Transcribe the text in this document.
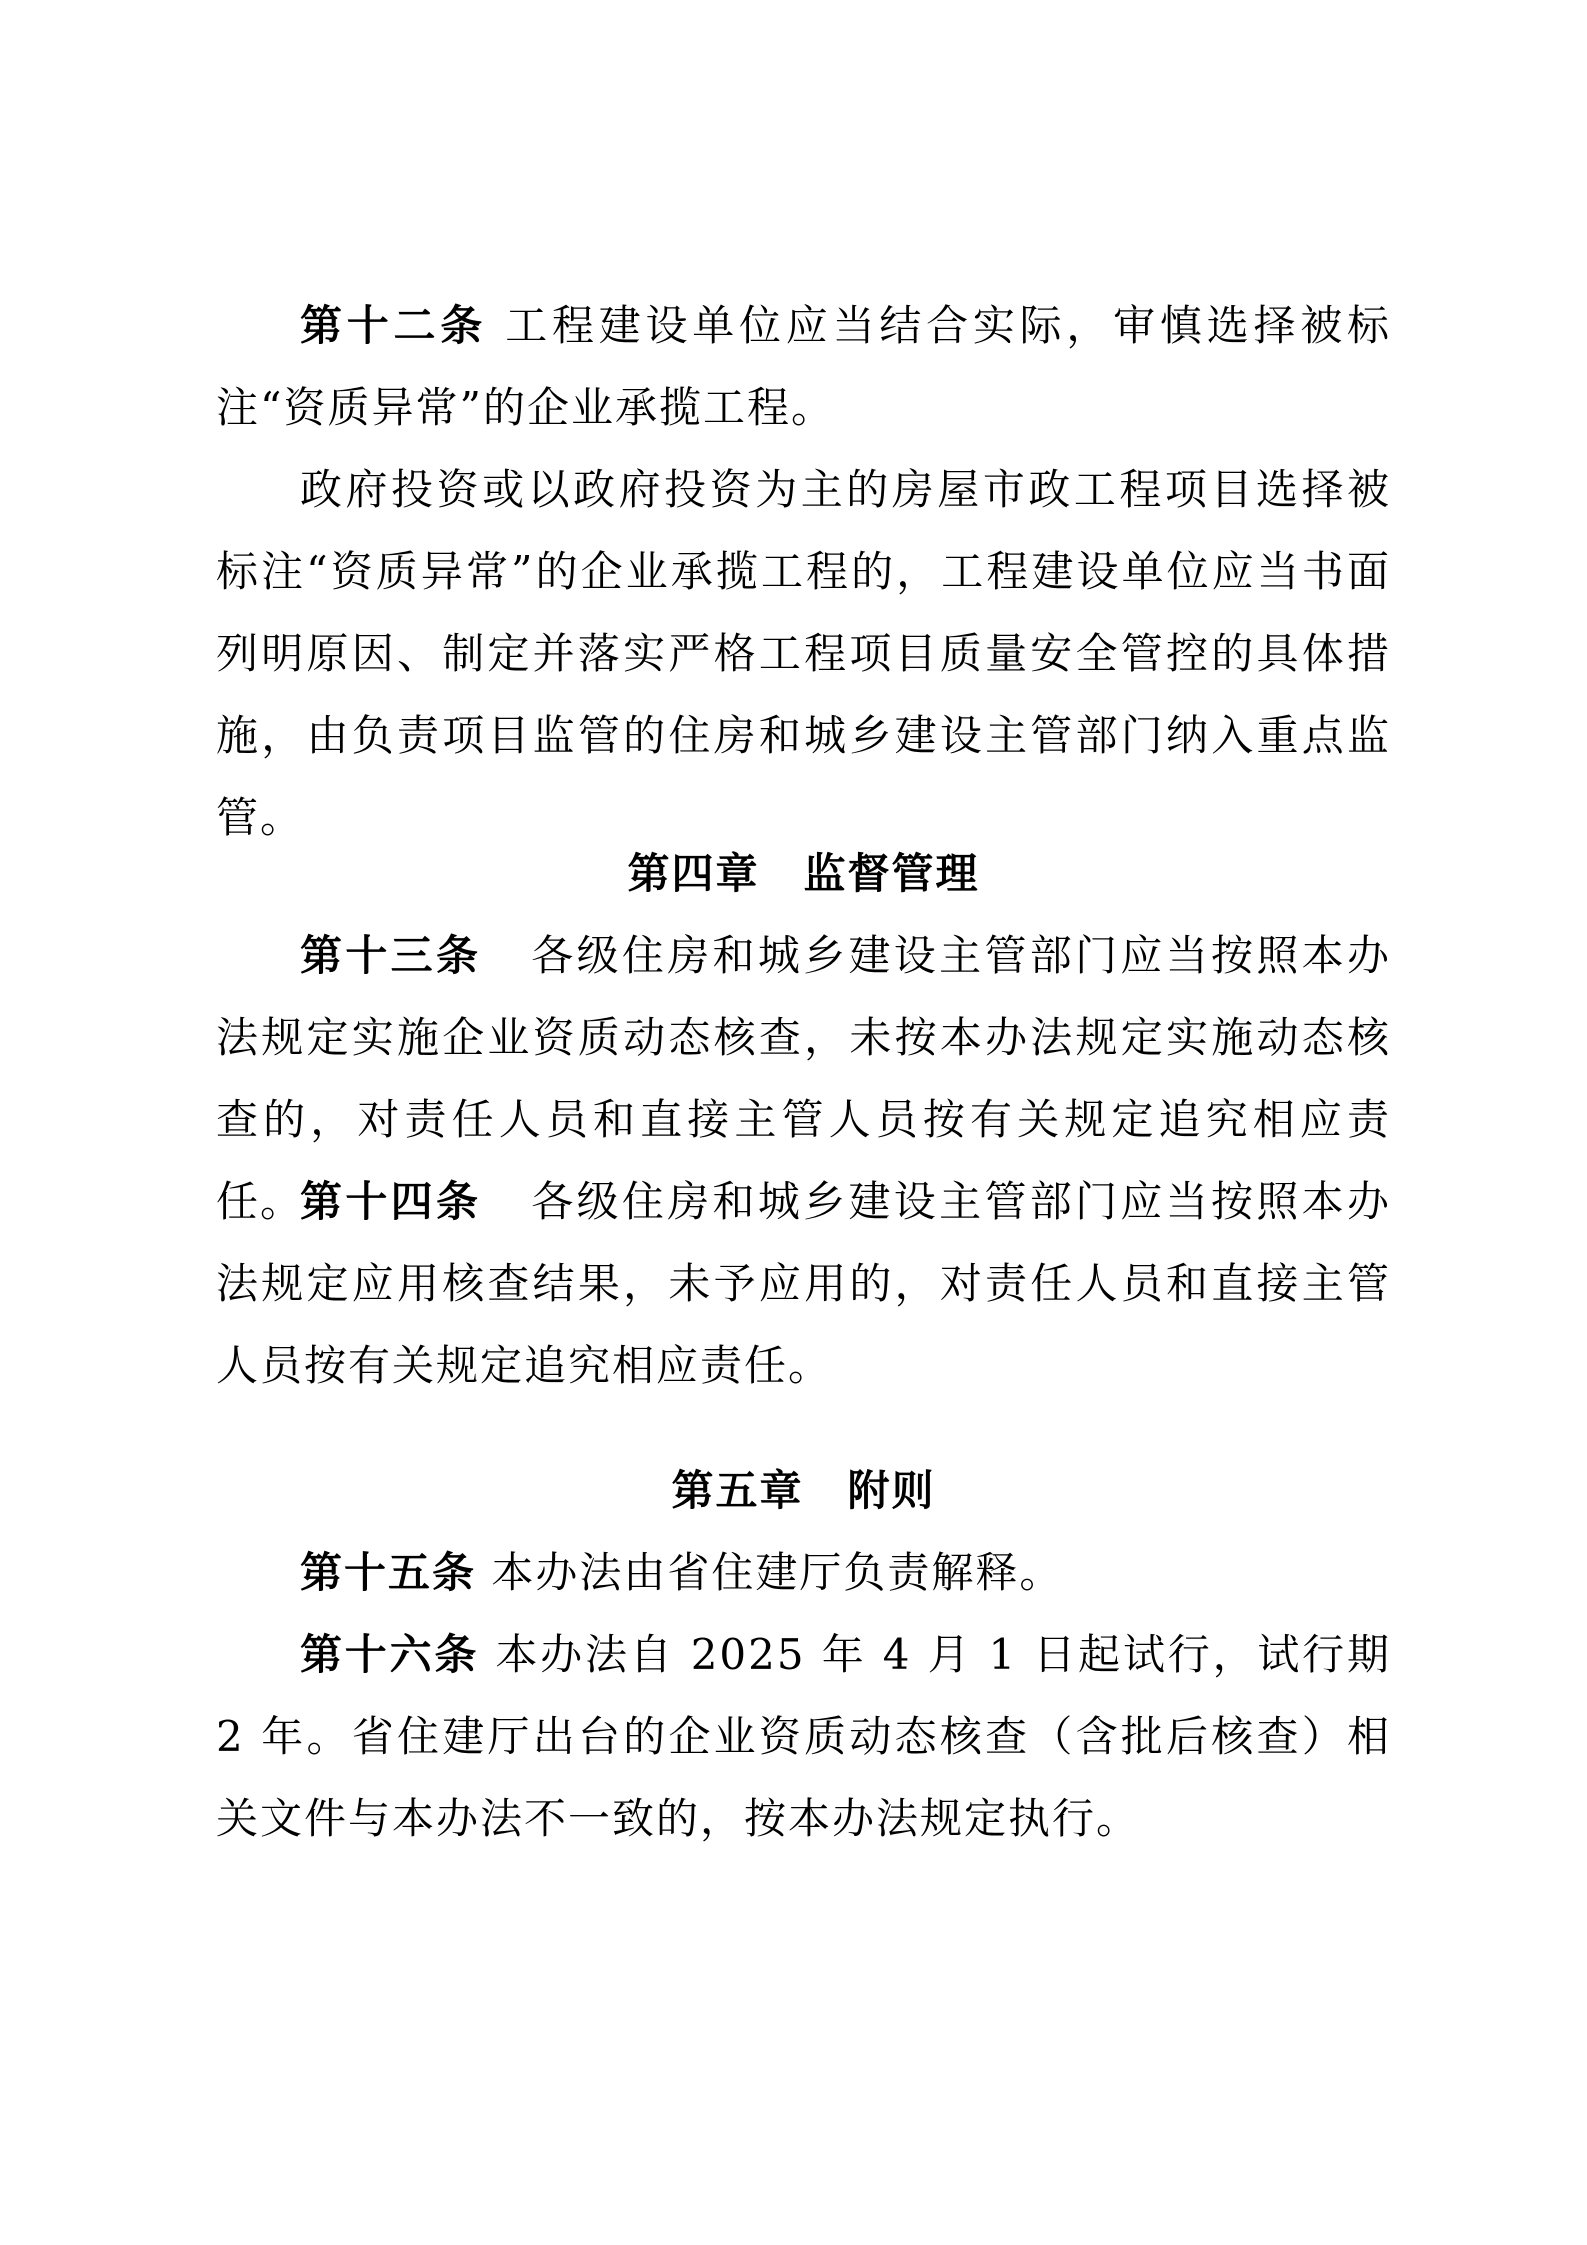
第十二条 工程建设单位应当结合实际，审慎选择被标注“资质异常”的企业承揽工程。

政府投资或以政府投资为主的房屋市政工程项目选择被标注“资质异常”的企业承揽工程的，工程建设单位应当书面列明原因、制定并落实严格工程项目质量安全管控的具体措施，由负责项目监管的住房和城乡建设主管部门纳入重点监管。

第四章 监督管理

第十三条 各级住房和城乡建设主管部门应当按照本办法规定实施企业资质动态核查，未按本办法规定实施动态核查的，对责任人员和直接主管人员按有关规定追究相应责任。

第十四条 各级住房和城乡建设主管部门应当按照本办法规定应用核查结果，未予应用的，对责任人员和直接主管人员按有关规定追究相应责任。

第五章 附则

第十五条 本办法由省住建厅负责解释。

第十六条 本办法自 2025 年 4 月 1 日起试行，试行期 2 年。省住建厅出台的企业资质动态核查（含批后核查）相关文件与本办法不一致的，按本办法规定执行。
